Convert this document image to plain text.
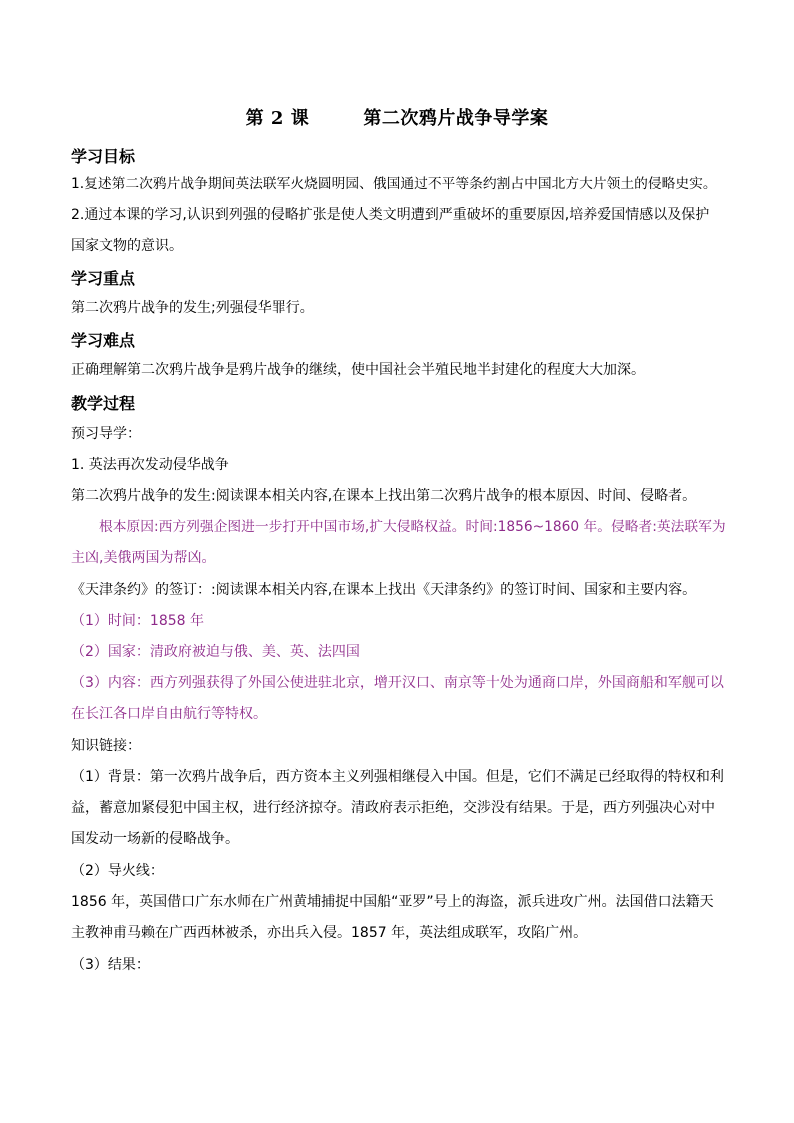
第 2 课        第二次鸦片战争导学案
学习目标
1.复述第二次鸦片战争期间英法联军火烧圆明园、俄国通过不平等条约割占中国北方大片领土的侵略史实。
2.通过本课的学习,认识到列强的侵略扩张是使人类文明遭到严重破坏的重要原因,培养爱国情感以及保护
国家文物的意识。
学习重点
第二次鸦片战争的发生;列强侵华罪行。
学习难点
正确理解第二次鸦片战争是鸦片战争的继续，使中国社会半殖民地半封建化的程度大大加深。
教学过程
预习导学：
1. 英法再次发动侵华战争
第二次鸦片战争的发生:阅读课本相关内容,在课本上找出第二次鸦片战争的根本原因、时间、侵略者。
根本原因:西方列强企图进一步打开中国市场,扩大侵略权益。时间:1856~1860 年。侵略者:英法联军为
主凶,美俄两国为帮凶。
《天津条约》的签订：:阅读课本相关内容,在课本上找出《天津条约》的签订时间、国家和主要内容。
（1）时间：1858 年
（2）国家：清政府被迫与俄、美、英、法四国
（3）内容：西方列强获得了外国公使进驻北京，增开汉口、南京等十处为通商口岸，外国商船和军舰可以
在长江各口岸自由航行等特权。
知识链接：
（1）背景：第一次鸦片战争后，西方资本主义列强相继侵入中国。但是，它们不满足已经取得的特权和利
益，蓄意加紧侵犯中国主权，进行经济掠夺。清政府表示拒绝，交涉没有结果。于是，西方列强决心对中
国发动一场新的侵略战争。
（2）导火线：
1856 年，英国借口广东水师在广州黄埔捕捉中国船“亚罗”号上的海盗，派兵进攻广州。法国借口法籍天
主教神甫马赖在广西西林被杀，亦出兵入侵。1857 年，英法组成联军，攻陷广州。
（3）结果：
